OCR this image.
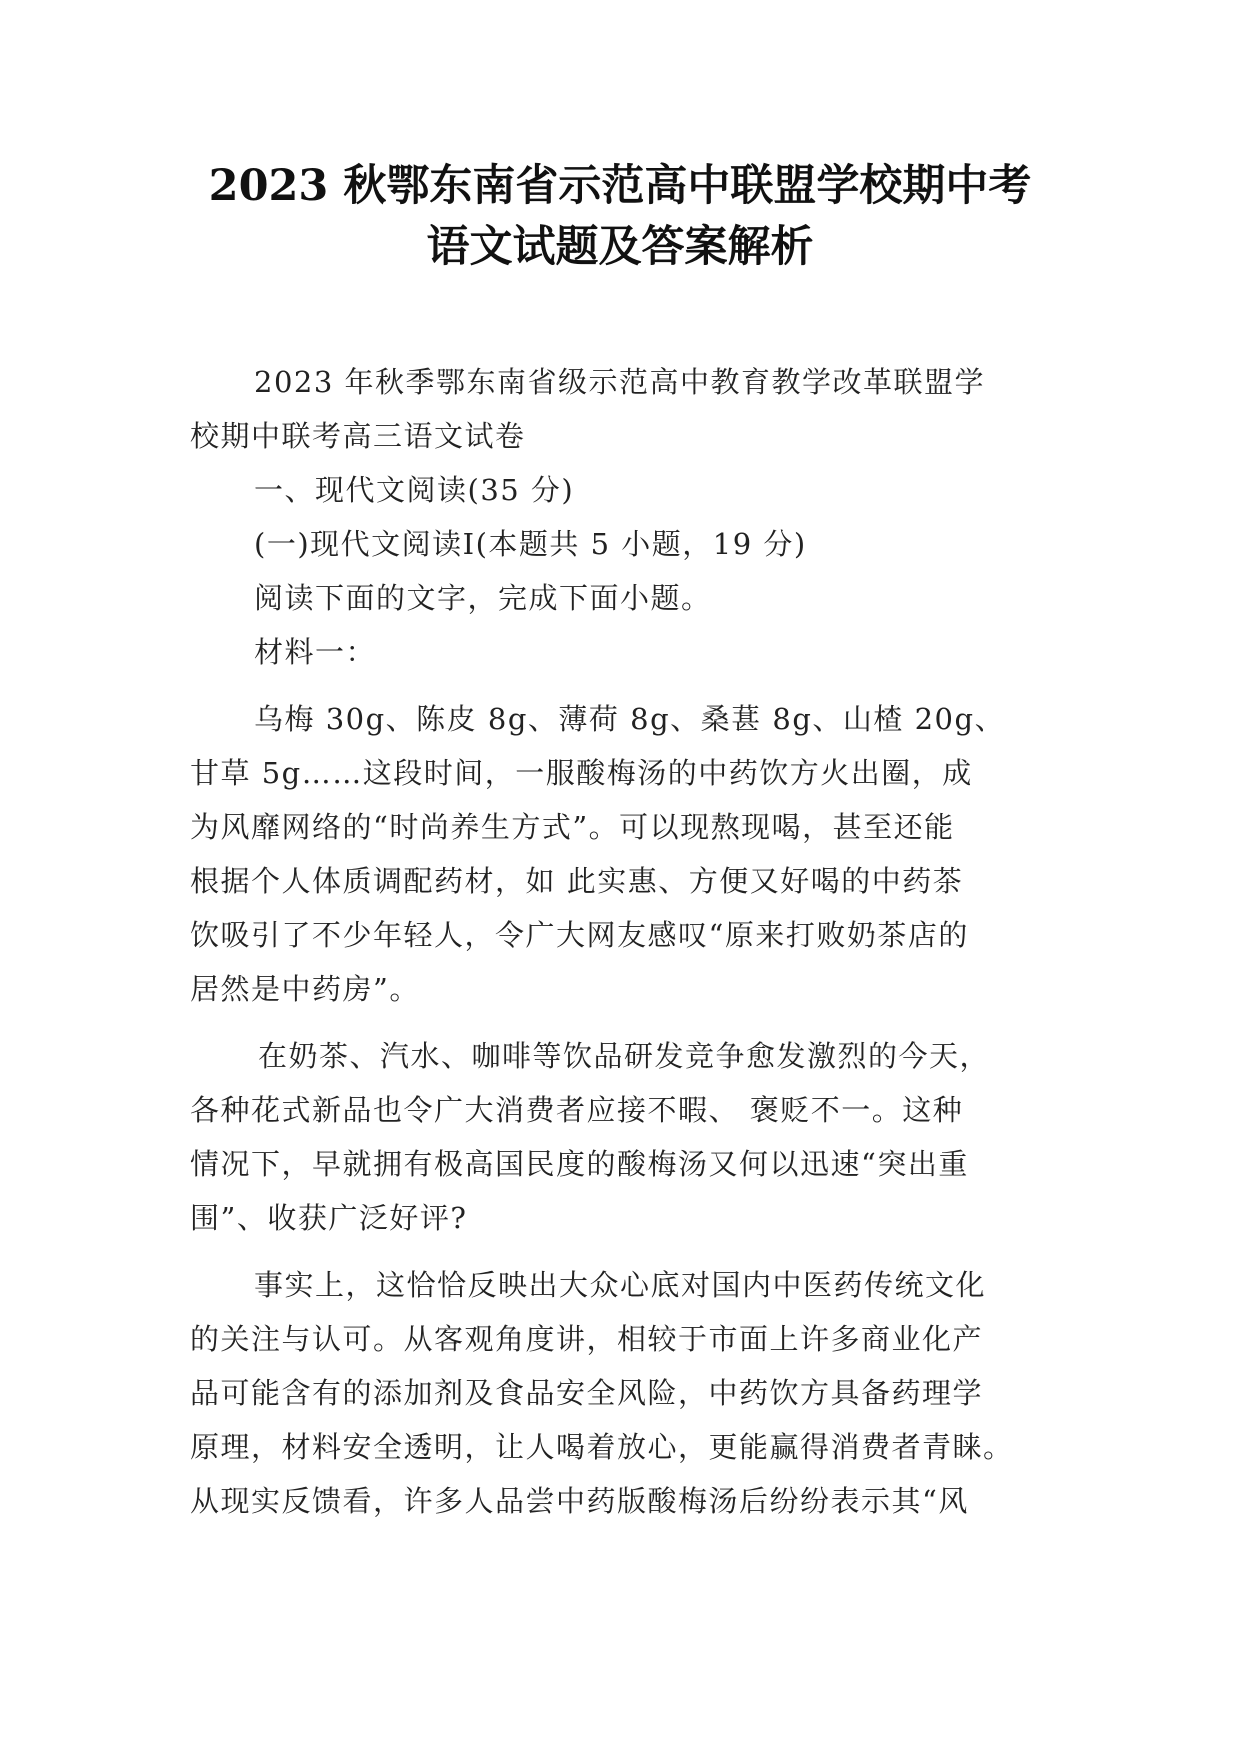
2023 秋鄂东南省示范高中联盟学校期中考
语文试题及答案解析
2023 年秋季鄂东南省级示范高中教育教学改革联盟学
校期中联考高三语文试卷
一、现代文阅读(35 分)
(一)现代文阅读Ⅰ(本题共 5 小题，19 分)
阅读下面的文字，完成下面小题。
材料一：
乌梅 30g、陈皮 8g、薄荷 8g、桑葚 8g、山楂 20g、
甘草 5g……这段时间，一服酸梅汤的中药饮方火出圈，成
为风靡网络的“时尚养生方式”。可以现熬现喝，甚至还能
根据个人体质调配药材，如 此实惠、方便又好喝的中药茶
饮吸引了不少年轻人，令广大网友感叹“原来打败奶茶店的
居然是中药房”。
在奶茶、汽水、咖啡等饮品研发竞争愈发激烈的今天，
各种花式新品也令广大消费者应接不暇、 褒贬不一。这种
情况下，早就拥有极高国民度的酸梅汤又何以迅速“突出重
围”、收获广泛好评?
事实上，这恰恰反映出大众心底对国内中医药传统文化
的关注与认可。从客观角度讲，相较于市面上许多商业化产
品可能含有的添加剂及食品安全风险，中药饮方具备药理学
原理，材料安全透明，让人喝着放心，更能赢得消费者青睐。
从现实反馈看，许多人品尝中药版酸梅汤后纷纷表示其“风
